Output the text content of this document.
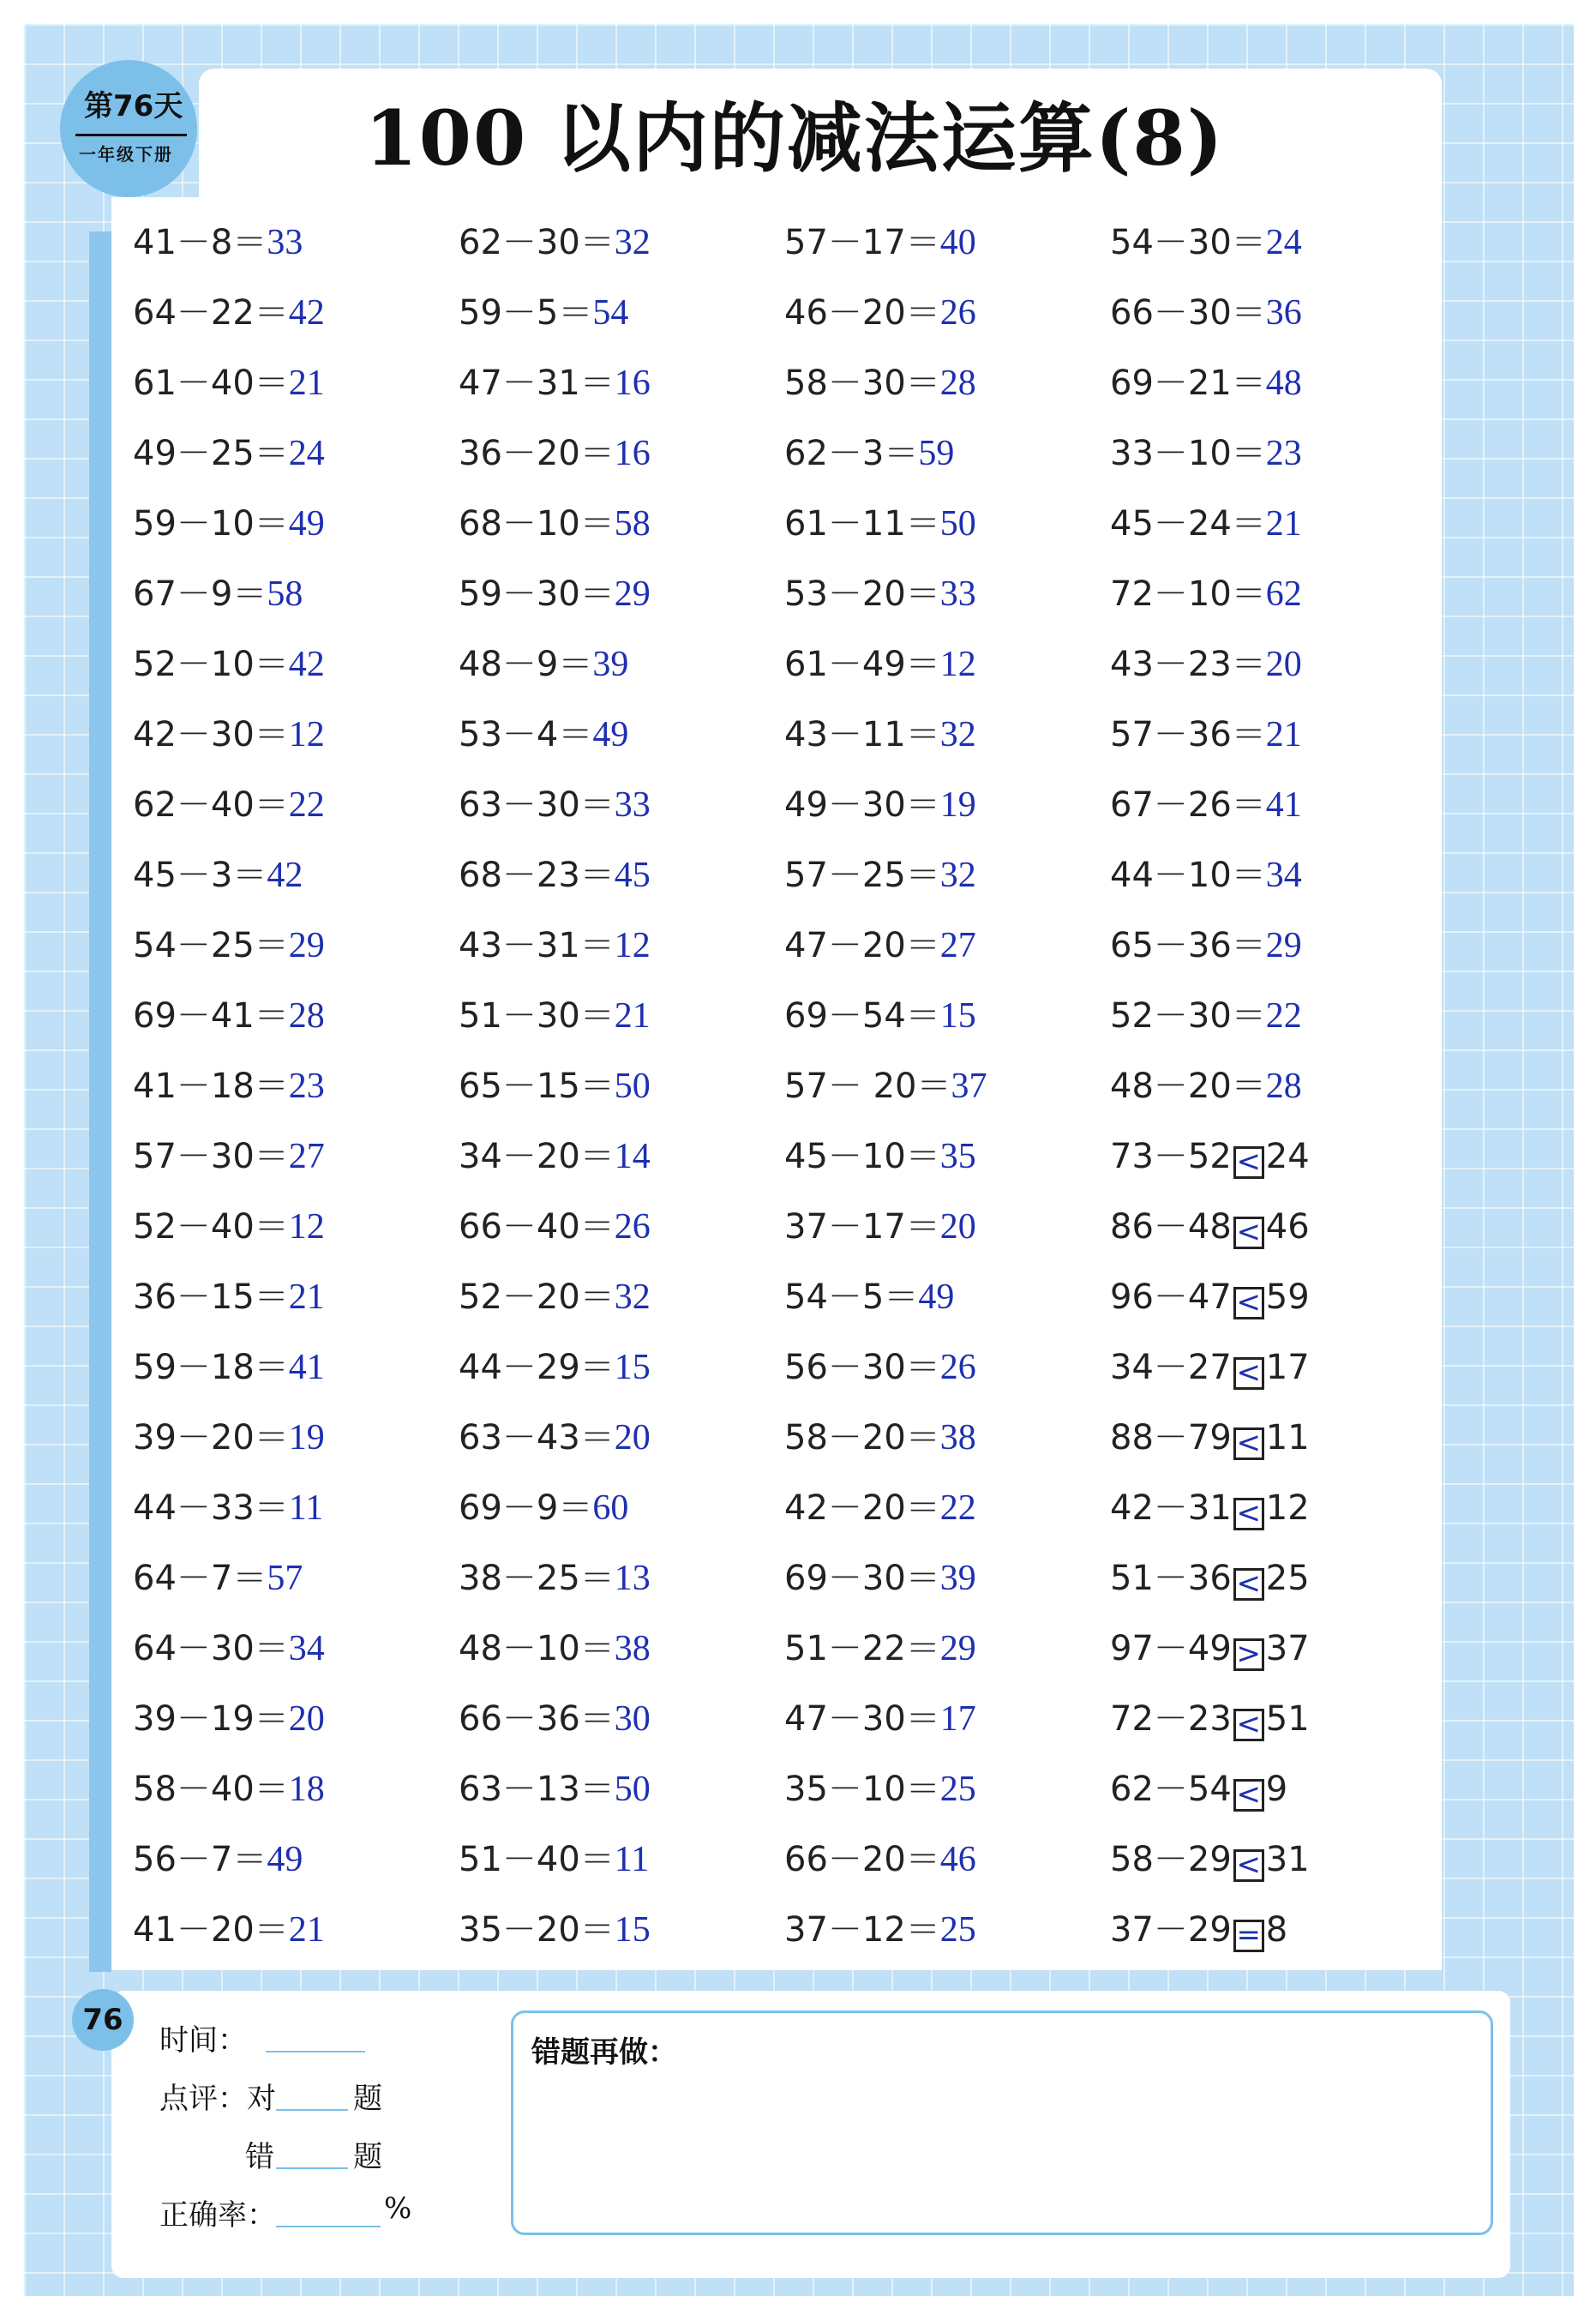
第76天
一年级下册	100 以内的减法运算(8)
41－8＝33	62－30＝32	57－17＝40	54－30＝24
64－22＝42	59－5＝54	46－20＝26	66－30＝36
61－40＝21	47－31＝16	58－30＝28	69－21＝48
49－25＝24	36－20＝16	62－3＝59	33－10＝23
59－10＝49	68－10＝58	61－11＝50	45－24＝21
67－9＝58	59－30＝29	53－20＝33	72－10＝62
52－10＝42	48－9＝39	61－49＝12	43－23＝20
42－30＝12	53－4＝49	43－11＝32	57－36＝21
62－40＝22	63－30＝33	49－30＝19	67－26＝41
45－3＝42	68－23＝45	57－25＝32	44－10＝34
54－25＝29	43－31＝12	47－20＝27	65－36＝29
69－41＝28	51－30＝21	69－54＝15	52－30＝22
41－18＝23	65－15＝50	57－ 20＝37	48－20＝28
57－30＝27	34－20＝14	45－10＝35	73－52 < 24
52－40＝12	66－40＝26	37－17＝20	86－48 < 46
36－15＝21	52－20＝32	54－5＝49	96－47 < 59
59－18＝41	44－29＝15	56－30＝26	34－27 < 17
39－20＝19	63－43＝20	58－20＝38	88－79 < 11
44－33＝11	69－9＝60	42－20＝22	42－31 < 12
64－7＝57	38－25＝13	69－30＝39	51－36 < 25
64－30＝34	48－10＝38	51－22＝29	97－49 > 37
39－19＝20	66－36＝30	47－30＝17	72－23 < 51
58－40＝18	63－13＝50	35－10＝25	62－54 < 9
56－7＝49	51－40＝11	66－20＝46	58－29 < 31
41－20＝21	35－20＝15	37－12＝25	37－29 = 8
76
时间：
点评：对	题
错	题
正确率：	%
错题再做：
